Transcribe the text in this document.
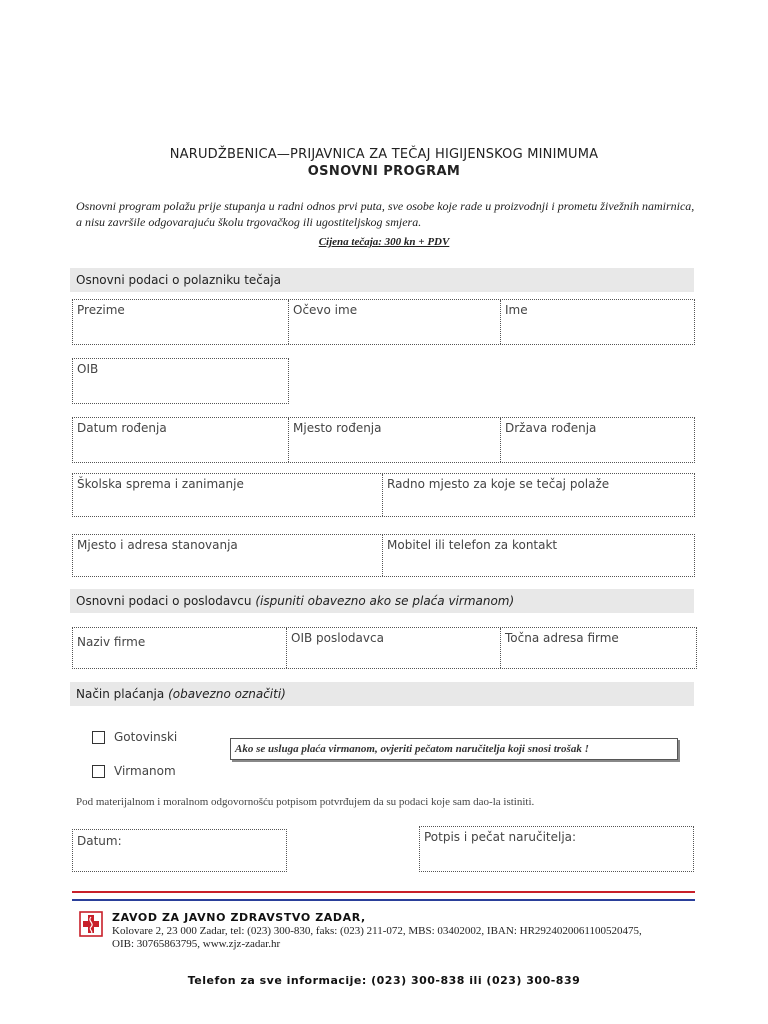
NARUDŽBENICA—PRIJAVNICA ZA TEČAJ HIGIJENSKOG MINIMUMA
OSNOVNI PROGRAM
Osnovni program polažu prije stupanja u radni odnos prvi puta, sve osobe koje rade u proizvodnji i prometu živežnih namirnica, a nisu završile odgovarajuću školu trgovačkog ili ugostiteljskog smjera.
Cijena tečaja: 300 kn + PDV
Osnovni podaci o polazniku tečaja
Prezime	Očevo ime	Ime
OIB
Datum rođenja	Mjesto rođenja	Država rođenja
Školska sprema i zanimanje	Radno mjesto za koje se tečaj polaže
Mjesto i adresa stanovanja	Mobitel ili telefon za kontakt
Osnovni podaci o poslodavcu (ispuniti obavezno ako se plaća virmanom)
Naziv firme	OIB poslodavca	Točna adresa firme
Način plaćanja (obavezno označiti)
Gotovinski
Virmanom
Ako se usluga plaća virmanom, ovjeriti pečatom naručitelja koji snosi trošak !
Pod materijalnom i moralnom odgovornošću potpisom potvrđujem da su podaci koje sam dao-la istiniti.
Datum:	Potpis i pečat naručitelja:
ZAVOD ZA JAVNO ZDRAVSTVO ZADAR,
Kolovare 2, 23 000 Zadar, tel: (023) 300-830, faks: (023) 211-072, MBS: 03402002, IBAN: HR2924020061100520475,
OIB: 30765863795, www.zjz-zadar.hr
Telefon za sve informacije: (023) 300-838 ili (023) 300-839
